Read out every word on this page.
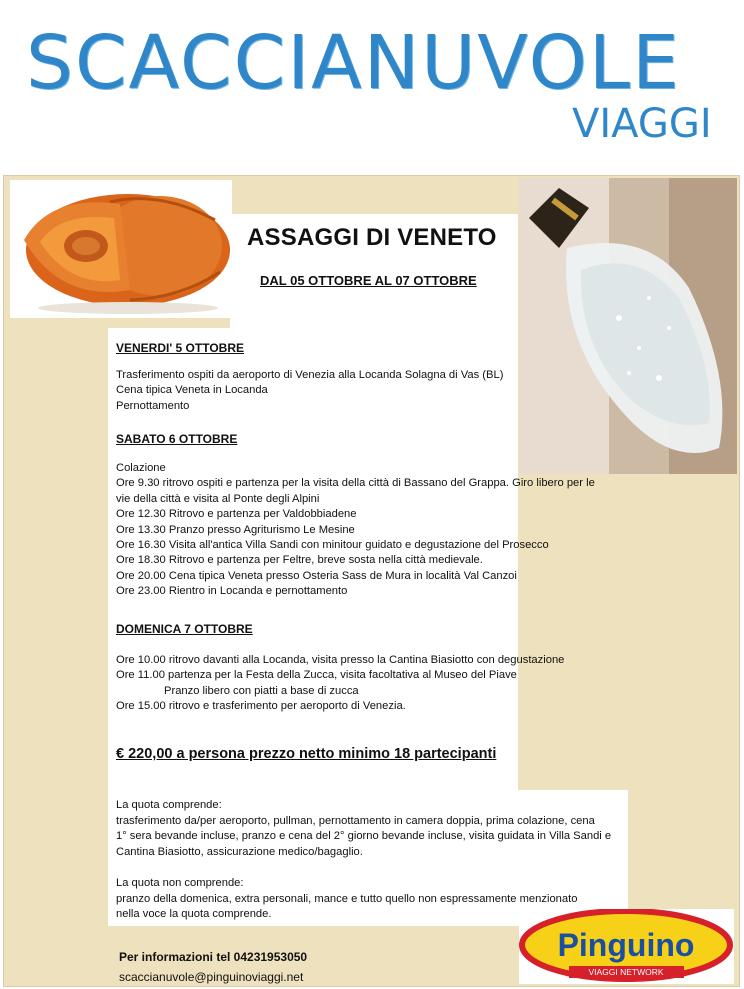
SCACCIANUVOLE
VIAGGI
ASSAGGI DI VENETO
DAL 05 OTTOBRE AL 07 OTTOBRE
VENERDI' 5 OTTOBRE
Trasferimento ospiti da aeroporto di Venezia alla Locanda Solagna di Vas (BL)
Cena tipica Veneta in Locanda
Pernottamento
SABATO 6 OTTOBRE
Colazione
Ore 9.30 ritrovo ospiti e partenza per la visita della città di Bassano del Grappa. Giro libero per le
vie della città e visita al Ponte degli Alpini
Ore 12.30 Ritrovo e partenza per Valdobbiadene
Ore 13.30 Pranzo presso Agriturismo Le Mesine
Ore 16.30 Visita all'antica Villa Sandi con minitour guidato e degustazione del Prosecco
Ore 18.30 Ritrovo e partenza per Feltre, breve sosta nella città medievale.
Ore 20.00 Cena tipica Veneta presso Osteria Sass de Mura in località Val Canzoi
Ore 23.00 Rientro in Locanda e pernottamento
DOMENICA 7 OTTOBRE
Ore 10.00 ritrovo davanti alla Locanda, visita presso la Cantina Biasiotto con degustazione
Ore 11.00 partenza per la Festa della Zucca, visita facoltativa al Museo del Piave
Pranzo libero con piatti a base di zucca
Ore 15.00 ritrovo e trasferimento per aeroporto di Venezia.
€ 220,00 a persona prezzo netto minimo 18 partecipanti
La quota comprende:
trasferimento da/per aeroporto, pullman, pernottamento in camera doppia, prima colazione, cena
1° sera bevande incluse, pranzo e cena del 2° giorno bevande incluse, visita guidata in Villa Sandi e
Cantina Biasiotto, assicurazione medico/bagaglio.
La quota non comprende:
pranzo della domenica, extra personali, mance e tutto quello non espressamente menzionato
nella voce la quota comprende.
Per informazioni tel 04231953050
scaccianuvole@pinguinoviaggi.net
Pinguino
VIAGGI NETWORK
